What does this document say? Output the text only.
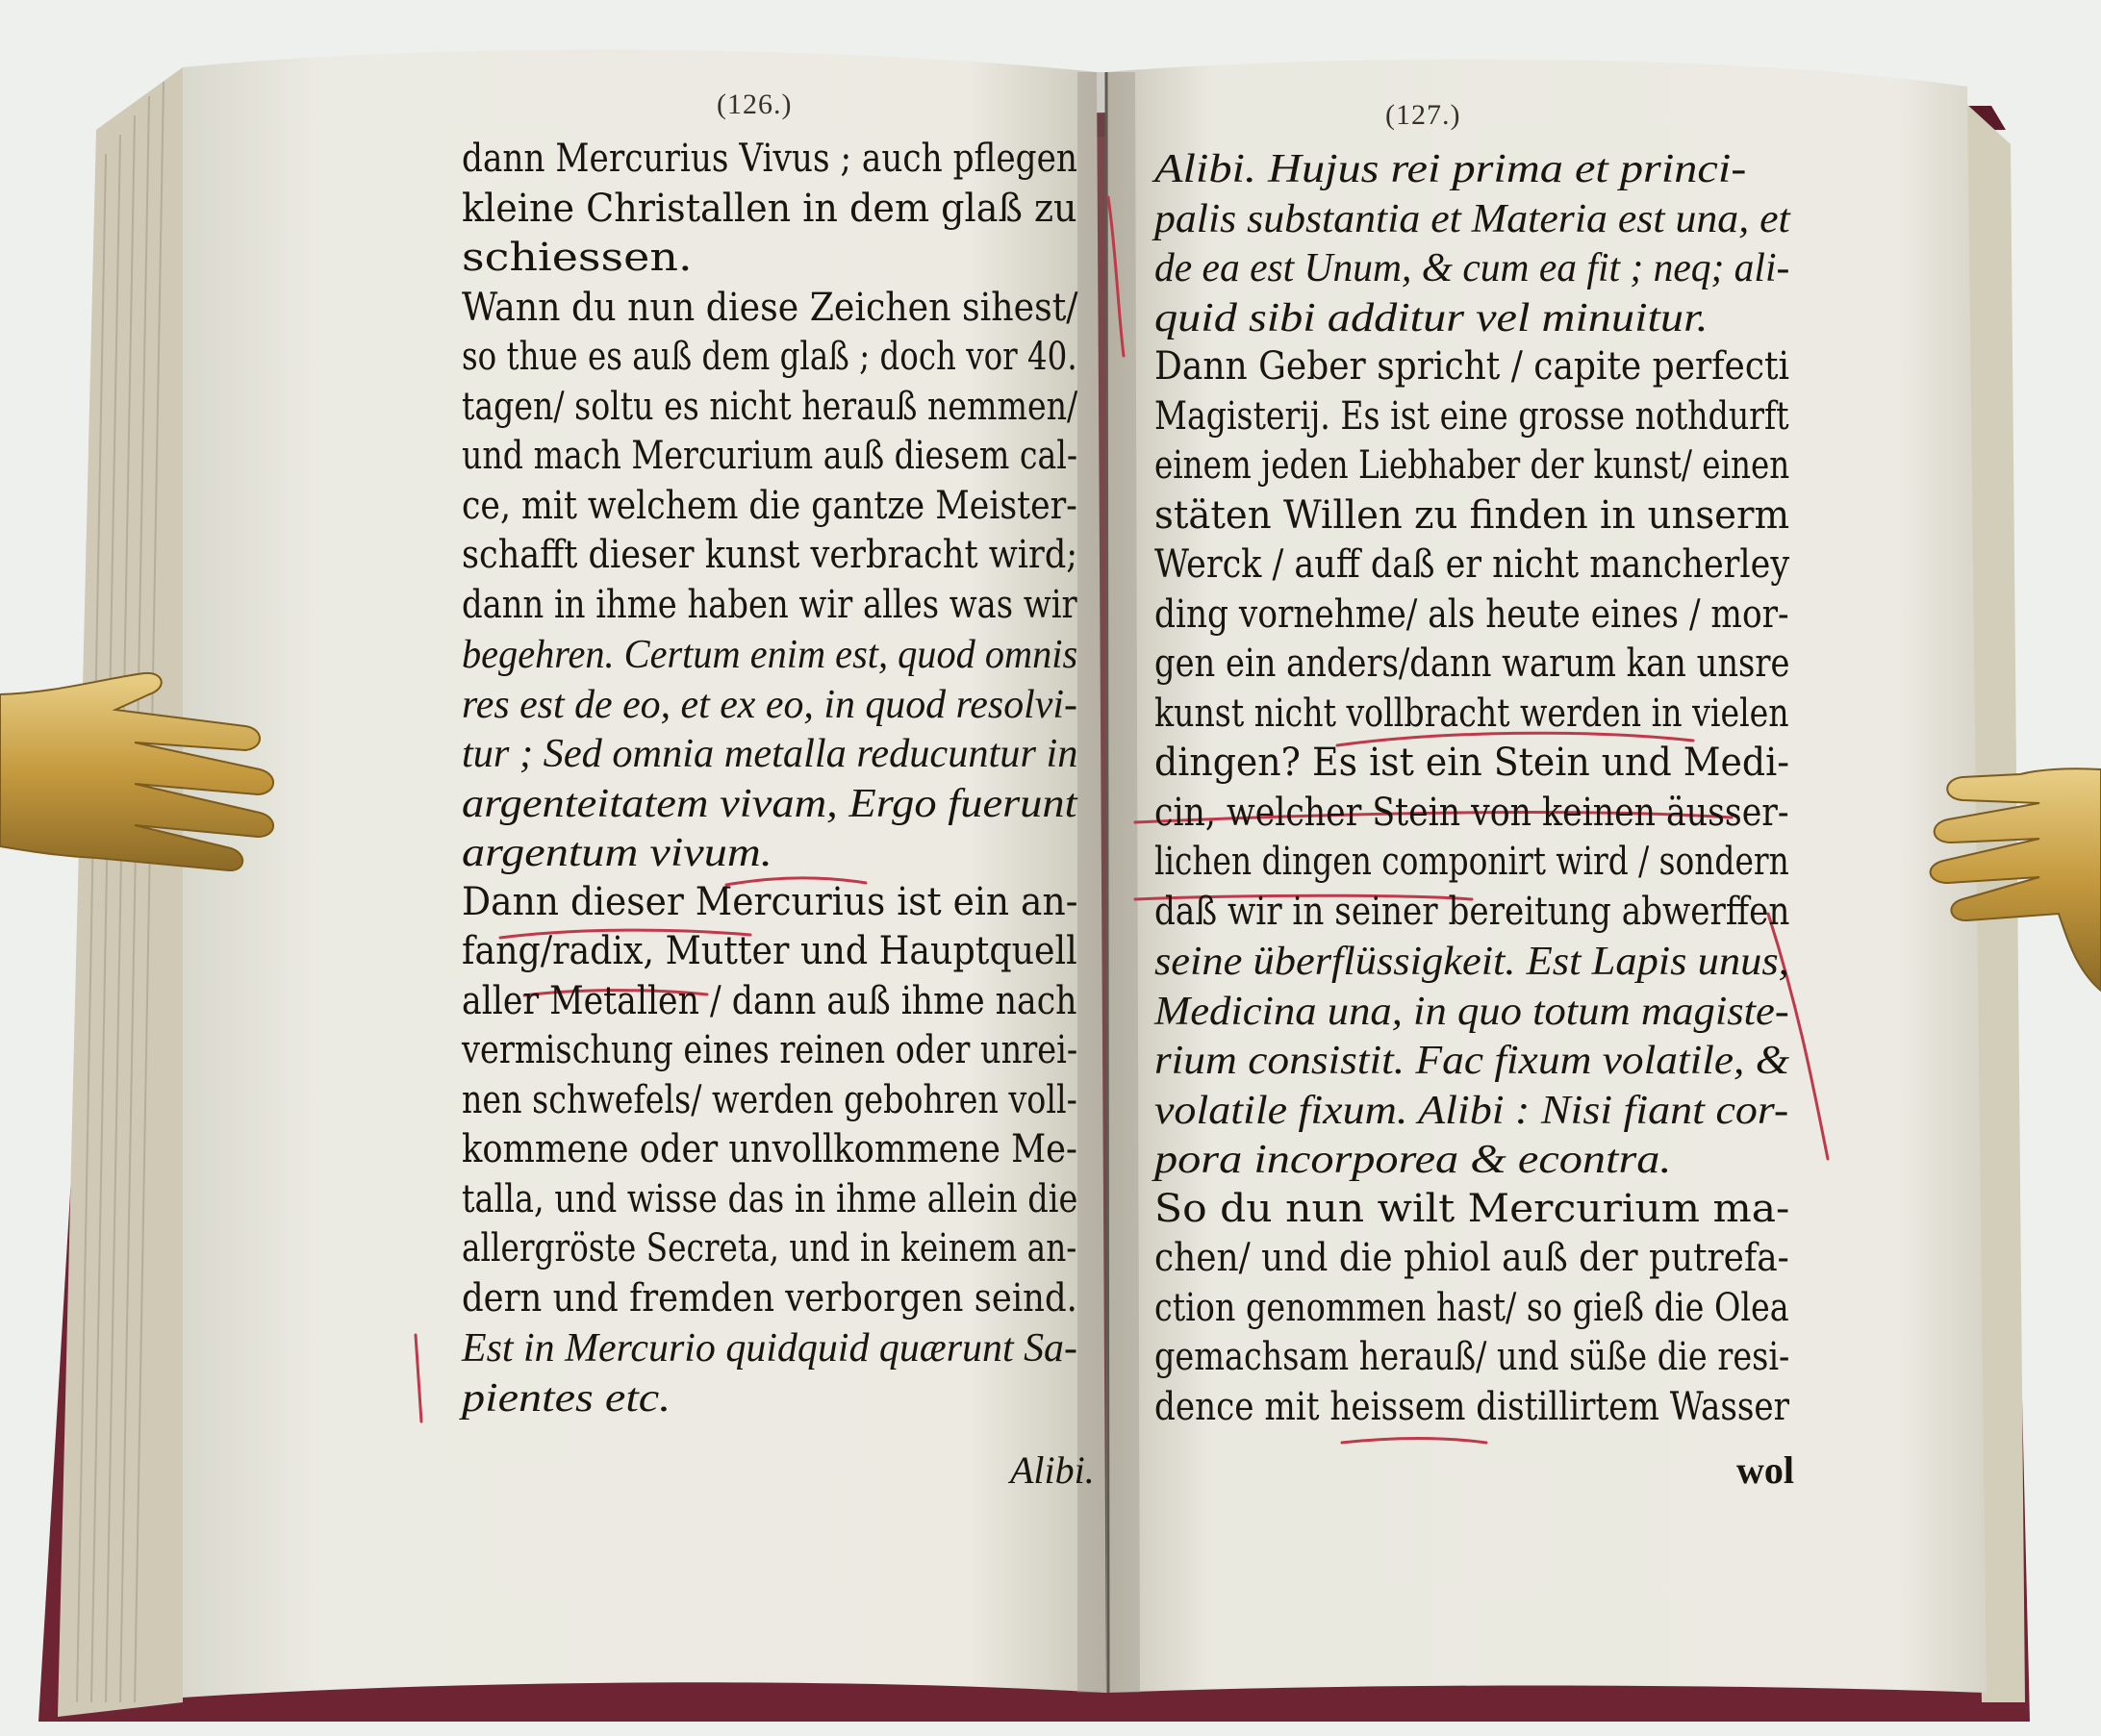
(126.)
dann Mercurius Vivus ; auch pflegen
kleine Christallen in dem glaß zu
schiessen.
Wann du nun diese Zeichen sihest/
so thue es auß dem glaß ; doch vor 40.
tagen/ soltu es nicht herauß nemmen/
und mach Mercurium auß diesem cal-
ce, mit welchem die gantze Meister-
schafft dieser kunst verbracht wird;
dann in ihme haben wir alles was wir
begehren. Certum enim est, quod omnis
res est de eo, et ex eo, in quod resolvi-
tur ; Sed omnia metalla reducuntur in
argenteitatem vivam, Ergo fuerunt
argentum vivum.
Dann dieser Mercurius ist ein an-
fang/radix, Mutter und Hauptquell
aller Metallen / dann auß ihme nach
vermischung eines reinen oder unrei-
nen schwefels/ werden gebohren voll-
kommene oder unvollkommene Me-
talla, und wisse das in ihme allein die
allergröste Secreta, und in keinem an-
dern und fremden verborgen seind.
Est in Mercurio quidquid quærunt Sa-
pientes etc.
Alibi.
(127.)
Alibi. Hujus rei prima et princi-
palis substantia et Materia est una, et
de ea est Unum, & cum ea fit ; neq; ali-
quid sibi additur vel minuitur.
Dann Geber spricht / capite perfecti
Magisterij. Es ist eine grosse nothdurft
einem jeden Liebhaber der kunst/ einen
stäten Willen zu finden in unserm
Werck / auff daß er nicht mancherley
ding vornehme/ als heute eines / mor-
gen ein anders/dann warum kan unsre
kunst nicht vollbracht werden in vielen
dingen? Es ist ein Stein und Medi-
cin, welcher Stein von keinen äusser-
lichen dingen componirt wird / sondern
daß wir in seiner bereitung abwerffen
seine überflüssigkeit. Est Lapis unus,
Medicina una, in quo totum magiste-
rium consistit. Fac fixum volatile, &
volatile fixum. Alibi : Nisi fiant cor-
pora incorporea & econtra.
So du nun wilt Mercurium ma-
chen/ und die phiol auß der putrefa-
ction genommen hast/ so gieß die Olea
gemachsam herauß/ und süße die resi-
dence mit heissem distillirtem Wasser
wol
